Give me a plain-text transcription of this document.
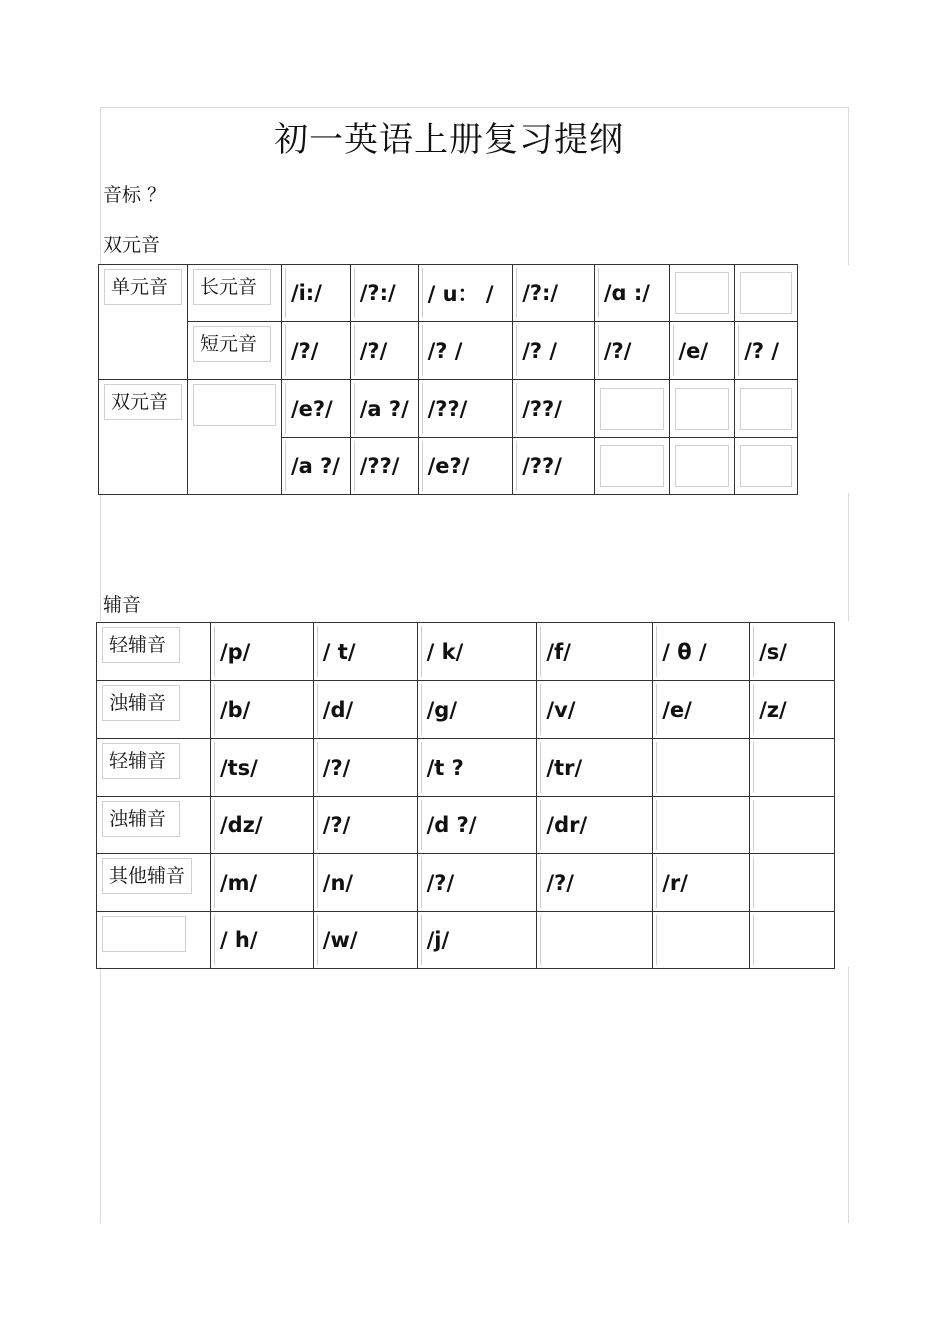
初一英语上册复习提纲
音标 ？
双元音
单元音	长元音	/i:/	/?:/	/ u： /	/?:/	/ɑ :/	

	短元音	/?/	/?/	/? /	/? /	/?/	/e/	/? /
双元音		/e?/	/a ?/	/??/	/??/	

		/a ?/	/??/	/e?/	/??/	

辅音
轻辅音	/p/	/ t/	/ k/	/f/	/ θ /	/s/
浊辅音	/b/	/d/	/g/	/v/	/e/	/z/
轻辅音	/ts/	/?/	/t ?	/tr/		
浊辅音	/dz/	/?/	/d ?/	/dr/		
其他辅音	/m/	/n/	/?/	/?/	/r/	
	/ h/	/w/	/j/			
